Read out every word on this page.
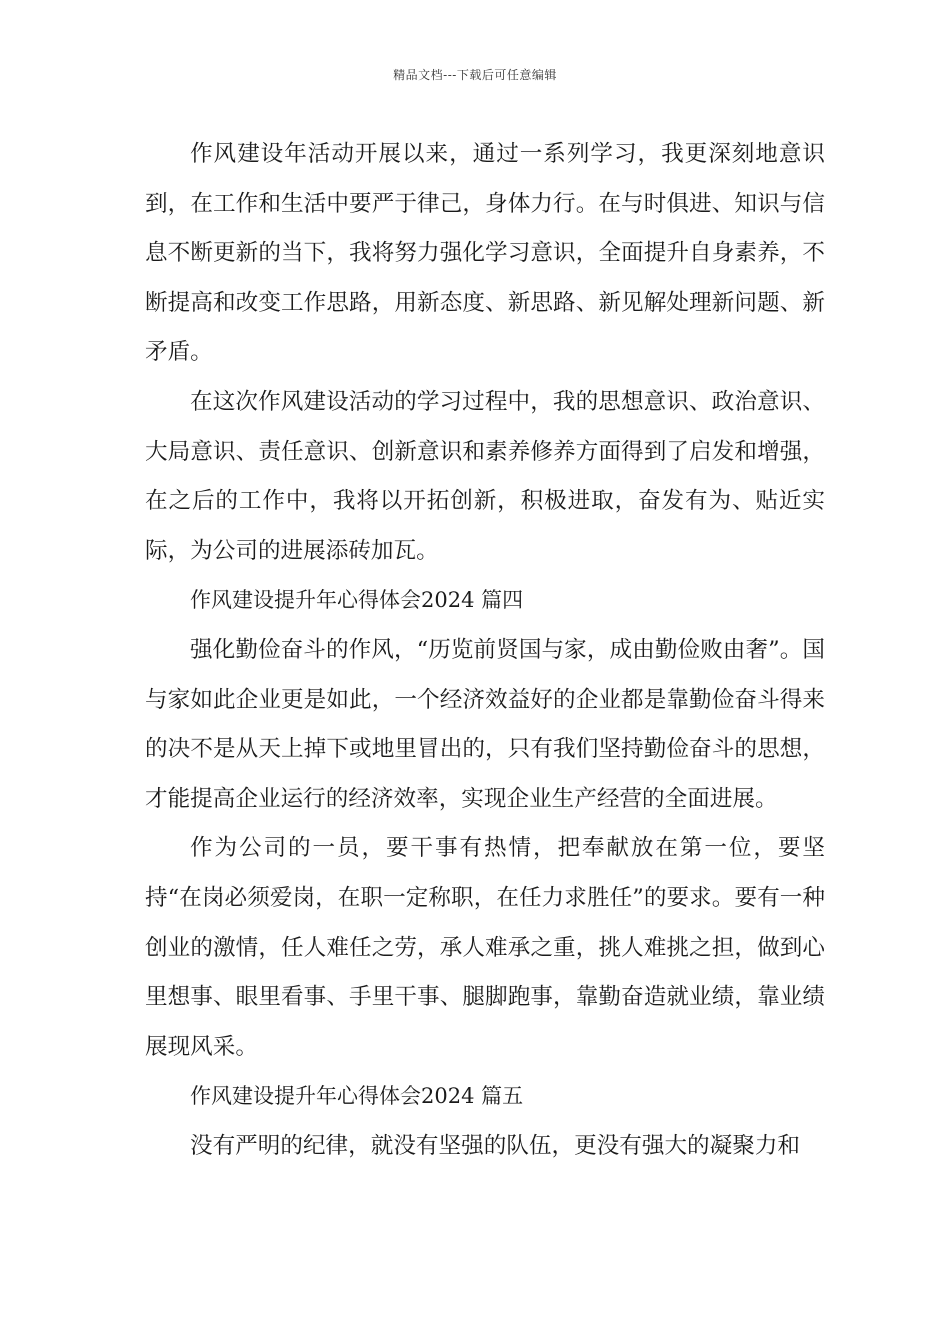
精品文档---下载后可任意编辑

作风建设年活动开展以来，通过一系列学习，我更深刻地意识到，在工作和生活中要严于律己，身体力行。在与时俱进、知识与信息不断更新的当下，我将努力强化学习意识，全面提升自身素养，不断提高和改变工作思路，用新态度、新思路、新见解处理新问题、新矛盾。

在这次作风建设活动的学习过程中，我的思想意识、政治意识、大局意识、责任意识、创新意识和素养修养方面得到了启发和增强，在之后的工作中，我将以开拓创新，积极进取，奋发有为、贴近实际，为公司的进展添砖加瓦。

作风建设提升年心得体会2024 篇四

强化勤俭奋斗的作风，“历览前贤国与家，成由勤俭败由奢”。国与家如此企业更是如此，一个经济效益好的企业都是靠勤俭奋斗得来的决不是从天上掉下或地里冒出的，只有我们坚持勤俭奋斗的思想，才能提高企业运行的经济效率，实现企业生产经营的全面进展。

作为公司的一员，要干事有热情，把奉献放在第一位，要坚持“在岗必须爱岗，在职一定称职，在任力求胜任”的要求。要有一种创业的激情，任人难任之劳，承人难承之重，挑人难挑之担，做到心里想事、眼里看事、手里干事、腿脚跑事，靠勤奋造就业绩，靠业绩展现风采。

作风建设提升年心得体会2024 篇五

没有严明的纪律，就没有坚强的队伍，更没有强大的凝聚力和
